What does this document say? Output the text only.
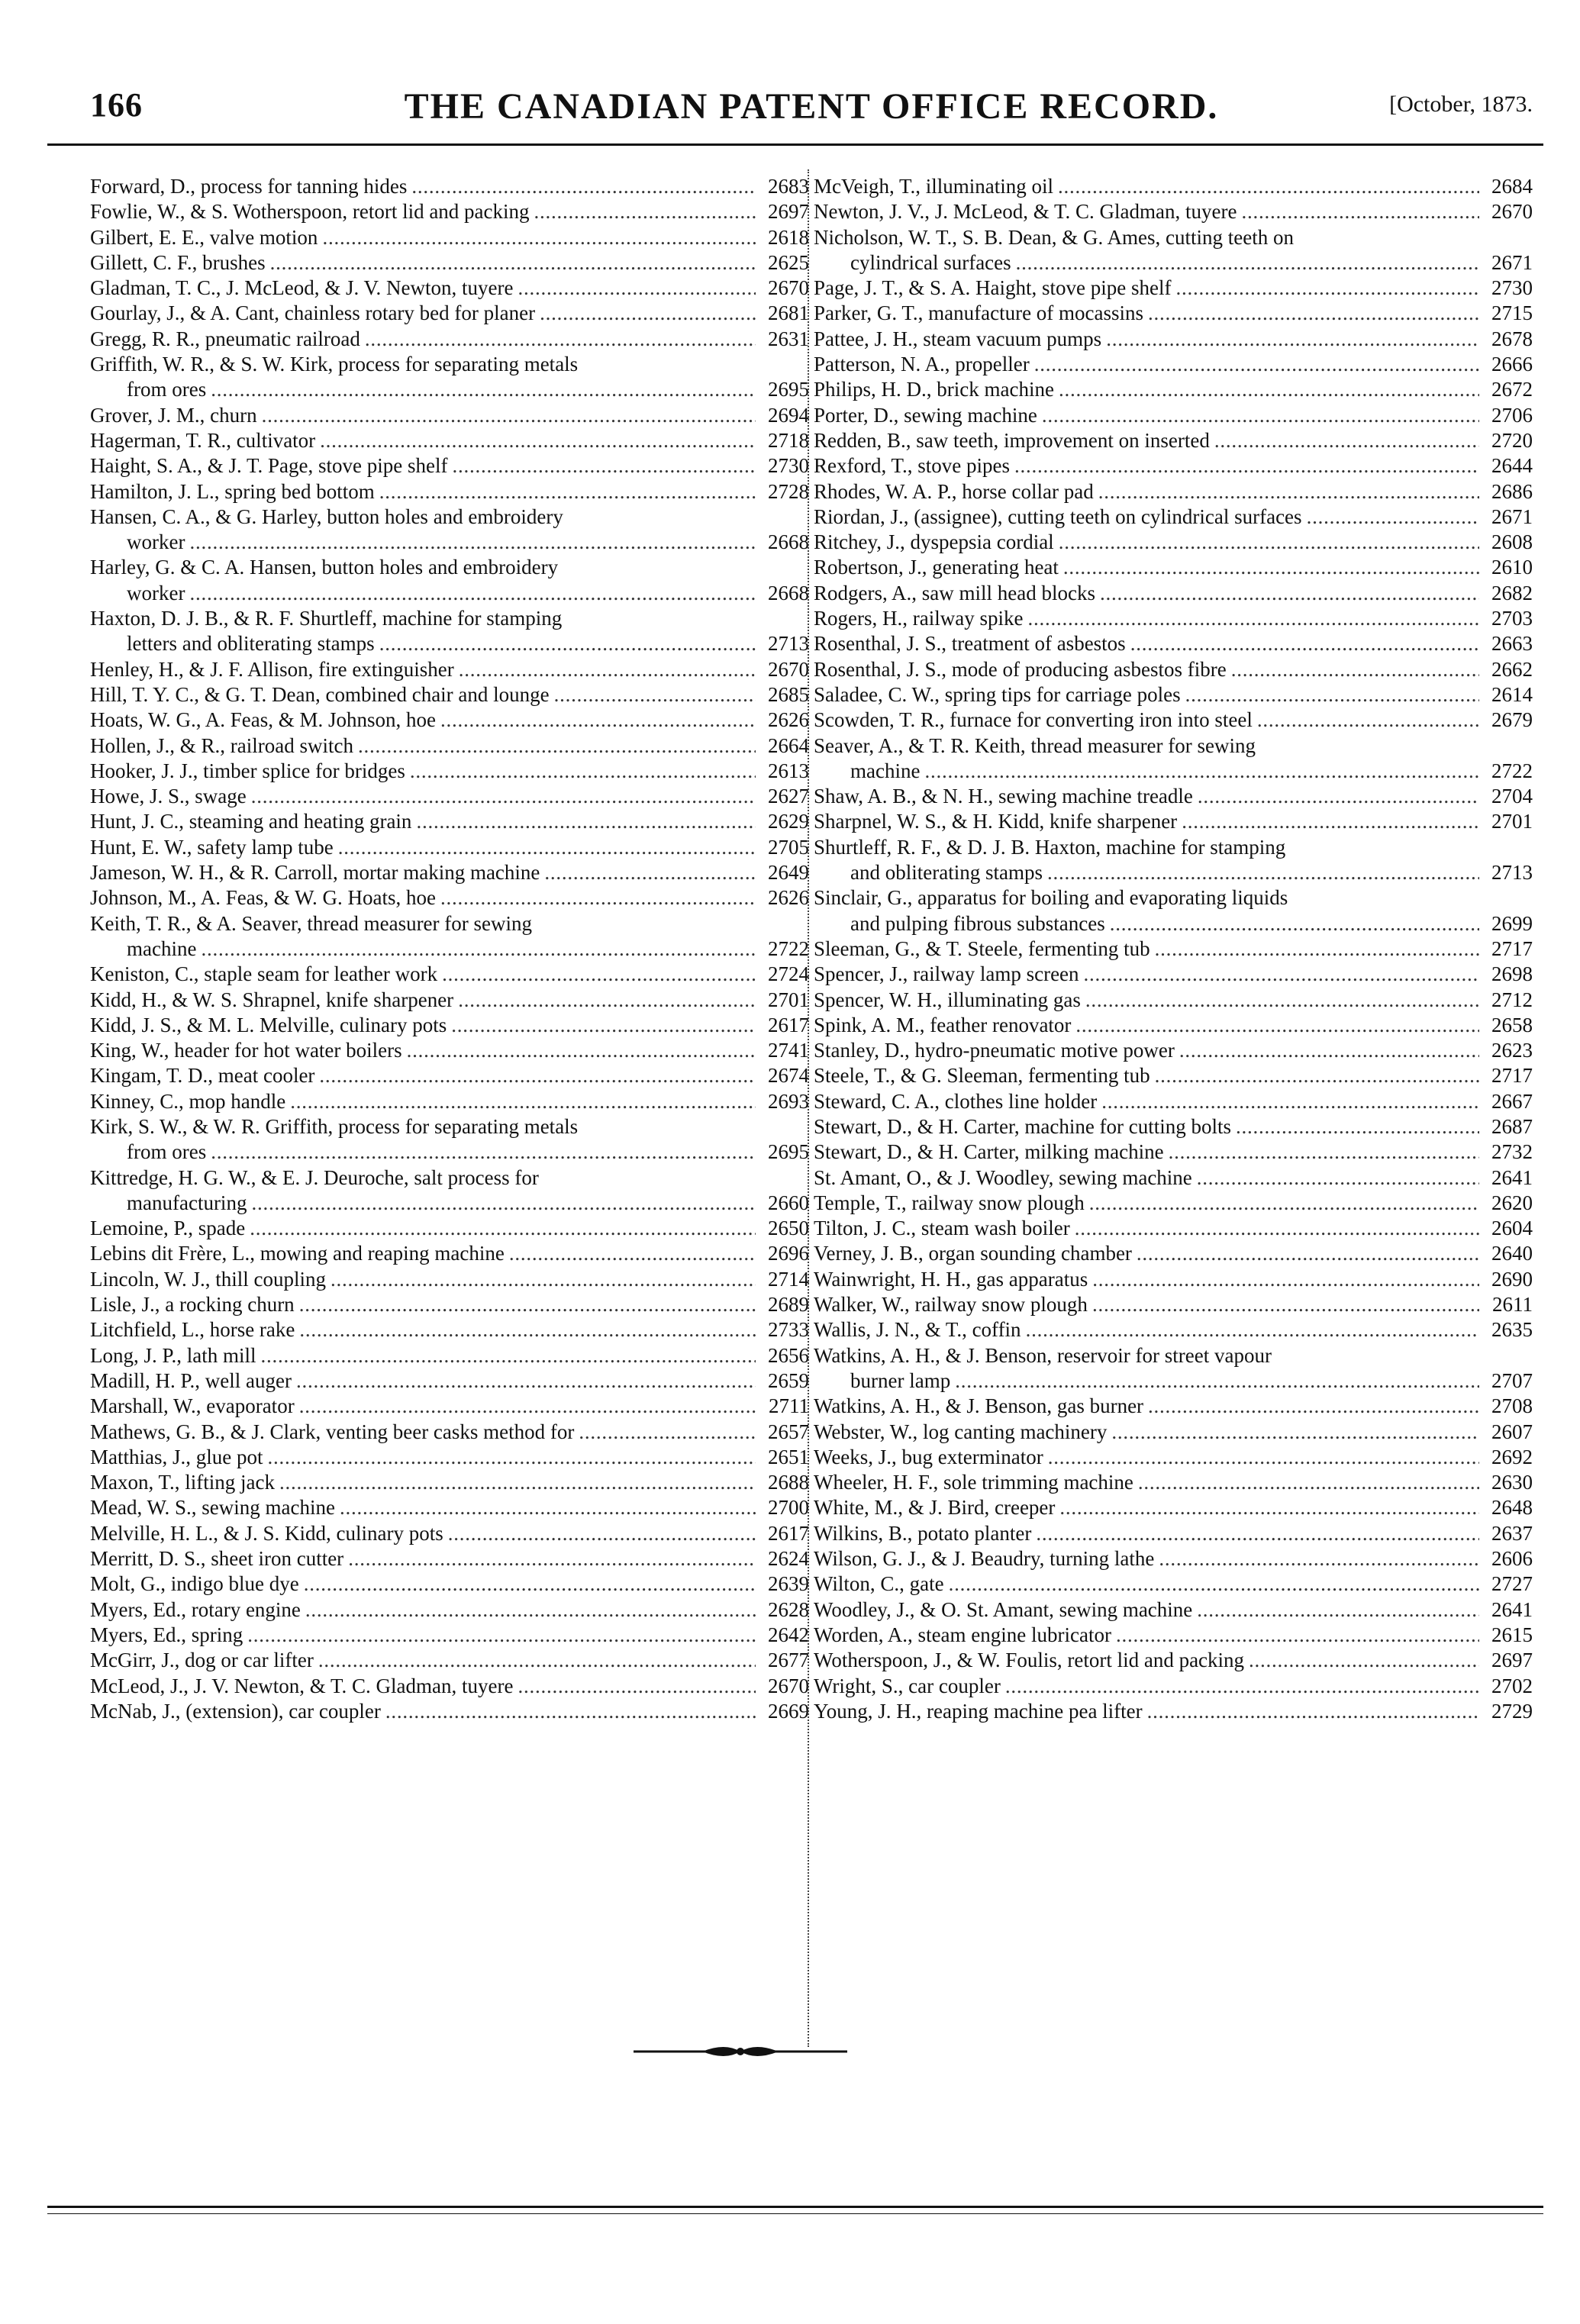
166	THE CANADIAN PATENT OFFICE RECORD.	[October, 1873.
Forward, D., process for tanning hides . . .	2683
Fowlie, W., & S. Wotherspoon, retort lid and packing . . .	2697
Gilbert, E. E., valve motion . . .	2618
Gillett, C. F., brushes . . .	2625
Gladman, T. C., J. McLeod, & J. V. Newton, tuyere . . .	2670
Gourlay, J., & A. Cant, chainless rotary bed for planer . . .	2681
Gregg, R. R., pneumatic railroad . . .	2631
Griffith, W. R., & S. W. Kirk, process for separating metals
from ores . . .	2695
Grover, J. M., churn . . .	2694
Hagerman, T. R., cultivator . . .	2718
Haight, S. A., & J. T. Page, stove pipe shelf . . .	2730
Hamilton, J. L., spring bed bottom . . .	2728
Hansen, C. A., & G. Harley, button holes and embroidery
worker . . .	2668
Harley, G. & C. A. Hansen, button holes and embroidery
worker . . .	2668
Haxton, D. J. B., & R. F. Shurtleff, machine for stamping
letters and obliterating stamps . . .	2713
Henley, H., & J. F. Allison, fire extinguisher . . .	2670
Hill, T. Y. C., & G. T. Dean, combined chair and lounge . . .	2685
Hoats, W. G., A. Feas, & M. Johnson, hoe . . .	2626
Hollen, J., & R., railroad switch . . .	2664
Hooker, J. J., timber splice for bridges . . .	2613
Howe, J. S., swage . . .	2627
Hunt, J. C., steaming and heating grain . . .	2629
Hunt, E. W., safety lamp tube . . .	2705
Jameson, W. H., & R. Carroll, mortar making machine . . .	2649
Johnson, M., A. Feas, & W. G. Hoats, hoe . . .	2626
Keith, T. R., & A. Seaver, thread measurer for sewing
machine . . .	2722
Keniston, C., staple seam for leather work . . .	2724
Kidd, H., & W. S. Shrapnel, knife sharpener . . .	2701
Kidd, J. S., & M. L. Melville, culinary pots . . .	2617
King, W., header for hot water boilers . . .	2741
Kingam, T. D., meat cooler . . .	2674
Kinney, C., mop handle . . .	2693
Kirk, S. W., & W. R. Griffith, process for separating metals
from ores . . .	2695
Kittredge, H. G. W., & E. J. Deuroche, salt process for
manufacturing . . .	2660
Lemoine, P., spade . . .	2650
Lebins dit Frère, L., mowing and reaping machine . . .	2696
Lincoln, W. J., thill coupling . . .	2714
Lisle, J., a rocking churn . . .	2689
Litchfield, L., horse rake . . .	2733
Long, J. P., lath mill . . .	2656
Madill, H. P., well auger . . .	2659
Marshall, W., evaporator . . .	2711
Mathews, G. B., & J. Clark, venting beer casks method for . . .	2657
Matthias, J., glue pot . . .	2651
Maxon, T., lifting jack . . .	2688
Mead, W. S., sewing machine . . .	2700
Melville, H. L., & J. S. Kidd, culinary pots . . .	2617
Merritt, D. S., sheet iron cutter . . .	2624
Molt, G., indigo blue dye . . .	2639
Myers, Ed., rotary engine . . .	2628
Myers, Ed., spring . . .	2642
McGirr, J., dog or car lifter . . .	2677
McLeod, J., J. V. Newton, & T. C. Gladman, tuyere . . .	2670
McNab, J., (extension), car coupler . . .	2669
McVeigh, T., illuminating oil . . .	2684
Newton, J. V., J. McLeod, & T. C. Gladman, tuyere . . .	2670
Nicholson, W. T., S. B. Dean, & G. Ames, cutting teeth on
cylindrical surfaces . . .	2671
Page, J. T., & S. A. Haight, stove pipe shelf . . .	2730
Parker, G. T., manufacture of mocassins . . .	2715
Pattee, J. H., steam vacuum pumps . . .	2678
Patterson, N. A., propeller . . .	2666
Philips, H. D., brick machine . . .	2672
Porter, D., sewing machine . . .	2706
Redden, B., saw teeth, improvement on inserted . . .	2720
Rexford, T., stove pipes . . .	2644
Rhodes, W. A. P., horse collar pad . . .	2686
Riordan, J., (assignee), cutting teeth on cylindrical surfaces . . .	2671
Ritchey, J., dyspepsia cordial . . .	2608
Robertson, J., generating heat . . .	2610
Rodgers, A., saw mill head blocks . . .	2682
Rogers, H., railway spike . . .	2703
Rosenthal, J. S., treatment of asbestos . . .	2663
Rosenthal, J. S., mode of producing asbestos fibre . . .	2662
Saladee, C. W., spring tips for carriage poles . . .	2614
Scowden, T. R., furnace for converting iron into steel . . .	2679
Seaver, A., & T. R. Keith, thread measurer for sewing
machine . . .	2722
Shaw, A. B., & N. H., sewing machine treadle . . .	2704
Sharpnel, W. S., & H. Kidd, knife sharpener . . .	2701
Shurtleff, R. F., & D. J. B. Haxton, machine for stamping
and obliterating stamps . . .	2713
Sinclair, G., apparatus for boiling and evaporating liquids
and pulping fibrous substances . . .	2699
Sleeman, G., & T. Steele, fermenting tub . . .	2717
Spencer, J., railway lamp screen . . .	2698
Spencer, W. H., illuminating gas . . .	2712
Spink, A. M., feather renovator . . .	2658
Stanley, D., hydro-pneumatic motive power . . .	2623
Steele, T., & G. Sleeman, fermenting tub . . .	2717
Steward, C. A., clothes line holder . . .	2667
Stewart, D., & H. Carter, machine for cutting bolts . . .	2687
Stewart, D., & H. Carter, milking machine . . .	2732
St. Amant, O., & J. Woodley, sewing machine . . .	2641
Temple, T., railway snow plough . . .	2620
Tilton, J. C., steam wash boiler . . .	2604
Verney, J. B., organ sounding chamber . . .	2640
Wainwright, H. H., gas apparatus . . .	2690
Walker, W., railway snow plough . . .	2611
Wallis, J. N., & T., coffin . . .	2635
Watkins, A. H., & J. Benson, reservoir for street vapour
burner lamp . . .	2707
Watkins, A. H., & J. Benson, gas burner . . .	2708
Webster, W., log canting machinery . . .	2607
Weeks, J., bug exterminator . . .	2692
Wheeler, H. F., sole trimming machine . . .	2630
White, M., & J. Bird, creeper . . .	2648
Wilkins, B., potato planter . . .	2637
Wilson, G. J., & J. Beaudry, turning lathe . . .	2606
Wilton, C., gate . . .	2727
Woodley, J., & O. St. Amant, sewing machine . . .	2641
Worden, A., steam engine lubricator . . .	2615
Wotherspoon, J., & W. Foulis, retort lid and packing . . .	2697
Wright, S., car coupler . . .	2702
Young, J. H., reaping machine pea lifter . . .	2729
